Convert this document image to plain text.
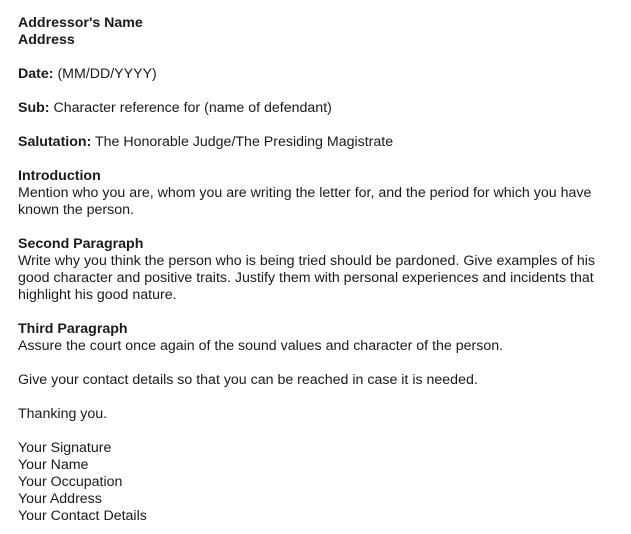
Addressor's Name
Address
Date: (MM/DD/YYYY)
Sub: Character reference for (name of defendant)
Salutation: The Honorable Judge/The Presiding Magistrate
Introduction
Mention who you are, whom you are writing the letter for, and the period for which you have
known the person.
Second Paragraph
Write why you think the person who is being tried should be pardoned. Give examples of his
good character and positive traits. Justify them with personal experiences and incidents that
highlight his good nature.
Third Paragraph
Assure the court once again of the sound values and character of the person.
Give your contact details so that you can be reached in case it is needed.
Thanking you.
Your Signature
Your Name
Your Occupation
Your Address
Your Contact Details
